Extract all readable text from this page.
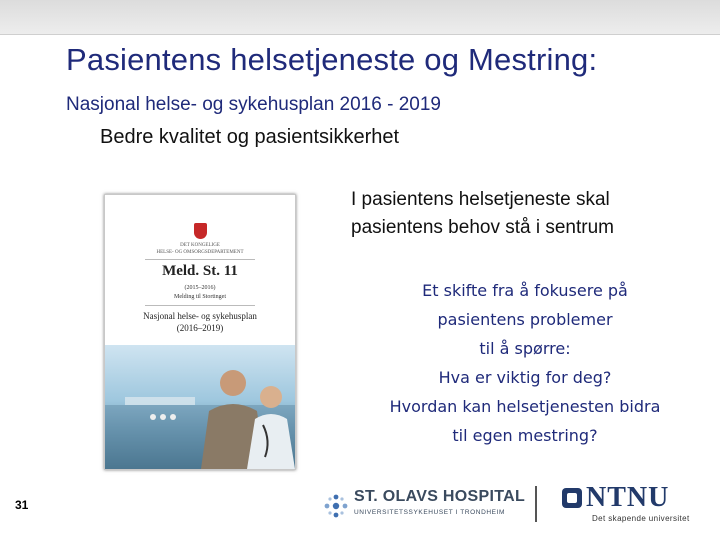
Pasientens helsetjeneste og Mestring:
Nasjonal helse- og sykehusplan 2016 - 2019
Bedre kvalitet og pasientsikkerhet
DET KONGELIGE
HELSE- OG OMSORGSDEPARTEMENT
Meld. St. 11
(2015–2016)
Melding til Stortinget
Nasjonal helse- og sykehusplan
(2016–2019)
I pasientens helsetjeneste skal pasientens behov stå i sentrum
Et skifte fra å fokusere på
pasientens problemer
til å spørre:
Hva er viktig for deg?
Hvordan kan helsetjenesten bidra
til egen mestring?
31	ST. OLAVS HOSPITAL
UNIVERSITETSSYKEHUSET I TRONDHEIM	NTNU
Det skapende universitet
